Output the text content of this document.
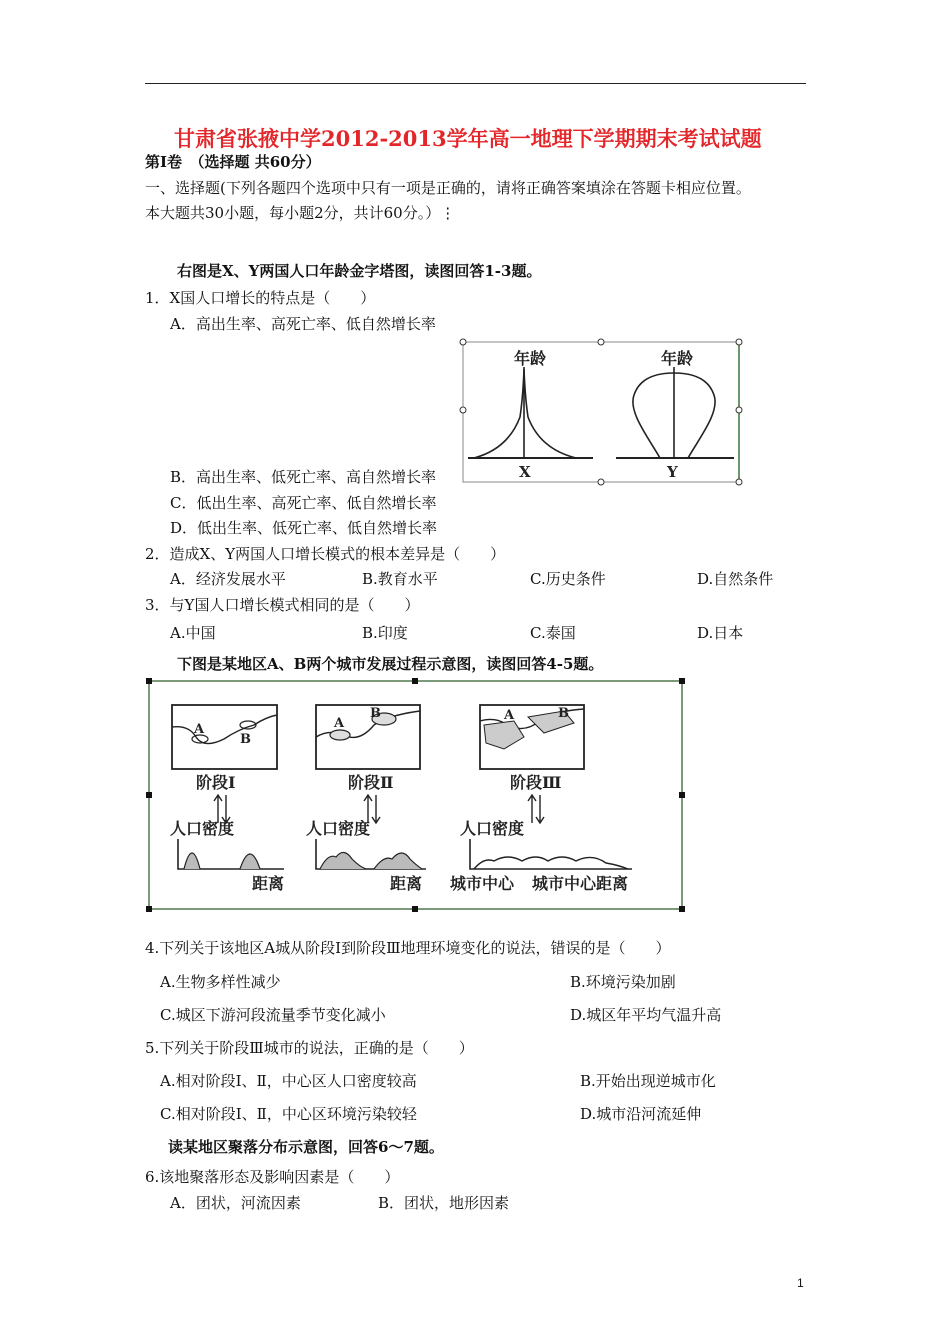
甘肃省张掖中学2012-2013学年高一地理下学期期末考试试题
第Ⅰ卷　（选择题 共60分）
一、选择题(下列各题四个选项中只有一项是正确的，请将正确答案填涂在答题卡相应位置。
本大题共30小题，每小题2分，共计60分。）⋮
右图是X、Y两国人口年龄金字塔图，读图回答1-3题。
1．X国人口增长的特点是（　　）
A．高出生率、高死亡率、低自然增长率
B．高出生率、低死亡率、高自然增长率
C．低出生率、高死亡率、低自然增长率
D．低出生率、低死亡率、低自然增长率
年龄
X
年龄
Y
2．造成X、Y两国人口增长模式的根本差异是（　　）
A．经济发展水平	B.教育水平	C.历史条件	D.自然条件
3．与Y国人口增长模式相同的是（　　）
A.中国	B.印度	C.泰国	D.日本
下图是某地区A、B两个城市发展过程示意图，读图回答4-5题。
A
B
阶段Ⅰ
人口密度
距离
A
B
阶段Ⅱ
人口密度
距离
A	B
阶段Ⅲ
人口密度
城市中心 城市中心距离
4.下列关于该地区A城从阶段Ⅰ到阶段Ⅲ地理环境变化的说法，错误的是（　　）
A.生物多样性减少	B.环境污染加剧
C.城区下游河段流量季节变化减小	D.城区年平均气温升高
5.下列关于阶段Ⅲ城市的说法，正确的是（　　）
A.相对阶段Ⅰ、Ⅱ，中心区人口密度较高	B.开始出现逆城市化
C.相对阶段Ⅰ、Ⅱ，中心区环境污染较轻	D.城市沿河流延伸
读某地区聚落分布示意图，回答6～7题。
6.该地聚落形态及影响因素是（　　）
A．团状，河流因素	B．团状，地形因素
1
